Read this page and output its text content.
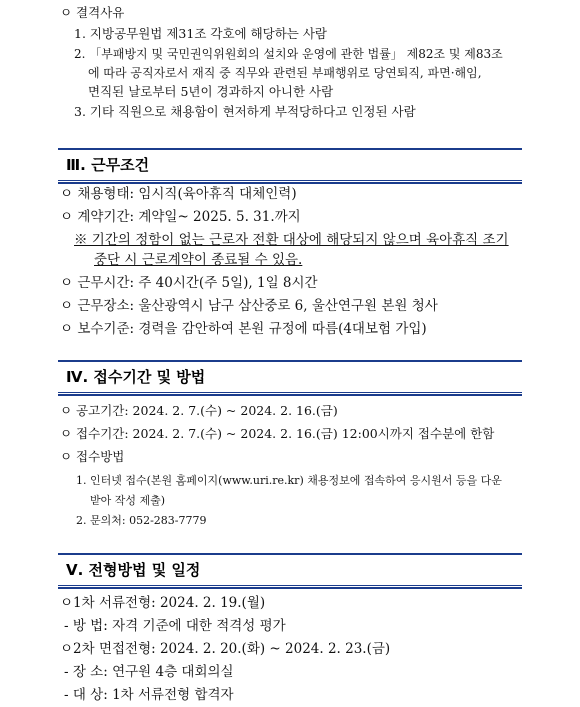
ㅇ 결격사유
1. 지방공무원법 제31조 각호에 해당하는 사람
2. 「부패방지 및 국민권익위원회의 설치와 운영에 관한 법률」 제82조 및 제83조
에 따라 공직자로서 재직 중 직무와 관련된 부패행위로 당연퇴직, 파면·해임,
면직된 날로부터 5년이 경과하지 아니한 사람
3. 기타 직원으로 채용함이 현저하게 부적당하다고 인정된 사람
Ⅲ. 근무조건
ㅇ 채용형태: 임시직(육아휴직 대체인력)
ㅇ 계약기간: 계약일~ 2025. 5. 31.까지
※ 기간의 정함이 없는 근로자 전환 대상에 해당되지 않으며 육아휴직 조기
중단 시 근로계약이 종료될 수 있음.
ㅇ 근무시간: 주 40시간(주 5일), 1일 8시간
ㅇ 근무장소: 울산광역시 남구 삼산중로 6, 울산연구원 본원 청사
ㅇ 보수기준: 경력을 감안하여 본원 규정에 따름(4대보험 가입)
Ⅳ. 접수기간 및 방법
ㅇ 공고기간: 2024. 2. 7.(수) ~ 2024. 2. 16.(금)
ㅇ 접수기간: 2024. 2. 7.(수) ~ 2024. 2. 16.(금) 12:00시까지 접수분에 한함
ㅇ 접수방법
1. 인터넷 접수(본원 홈페이지(www.uri.re.kr) 채용정보에 접속하여 응시원서 등을 다운
받아 작성 제출)
2. 문의처: 052-283-7779
Ⅴ. 전형방법 및 일정
ㅇ1차 서류전형: 2024. 2. 19.(월)
- 방 법: 자격 기준에 대한 적격성 평가
ㅇ2차 면접전형: 2024. 2. 20.(화) ~ 2024. 2. 23.(금)
- 장 소: 연구원 4층 대회의실
- 대 상: 1차 서류전형 합격자
